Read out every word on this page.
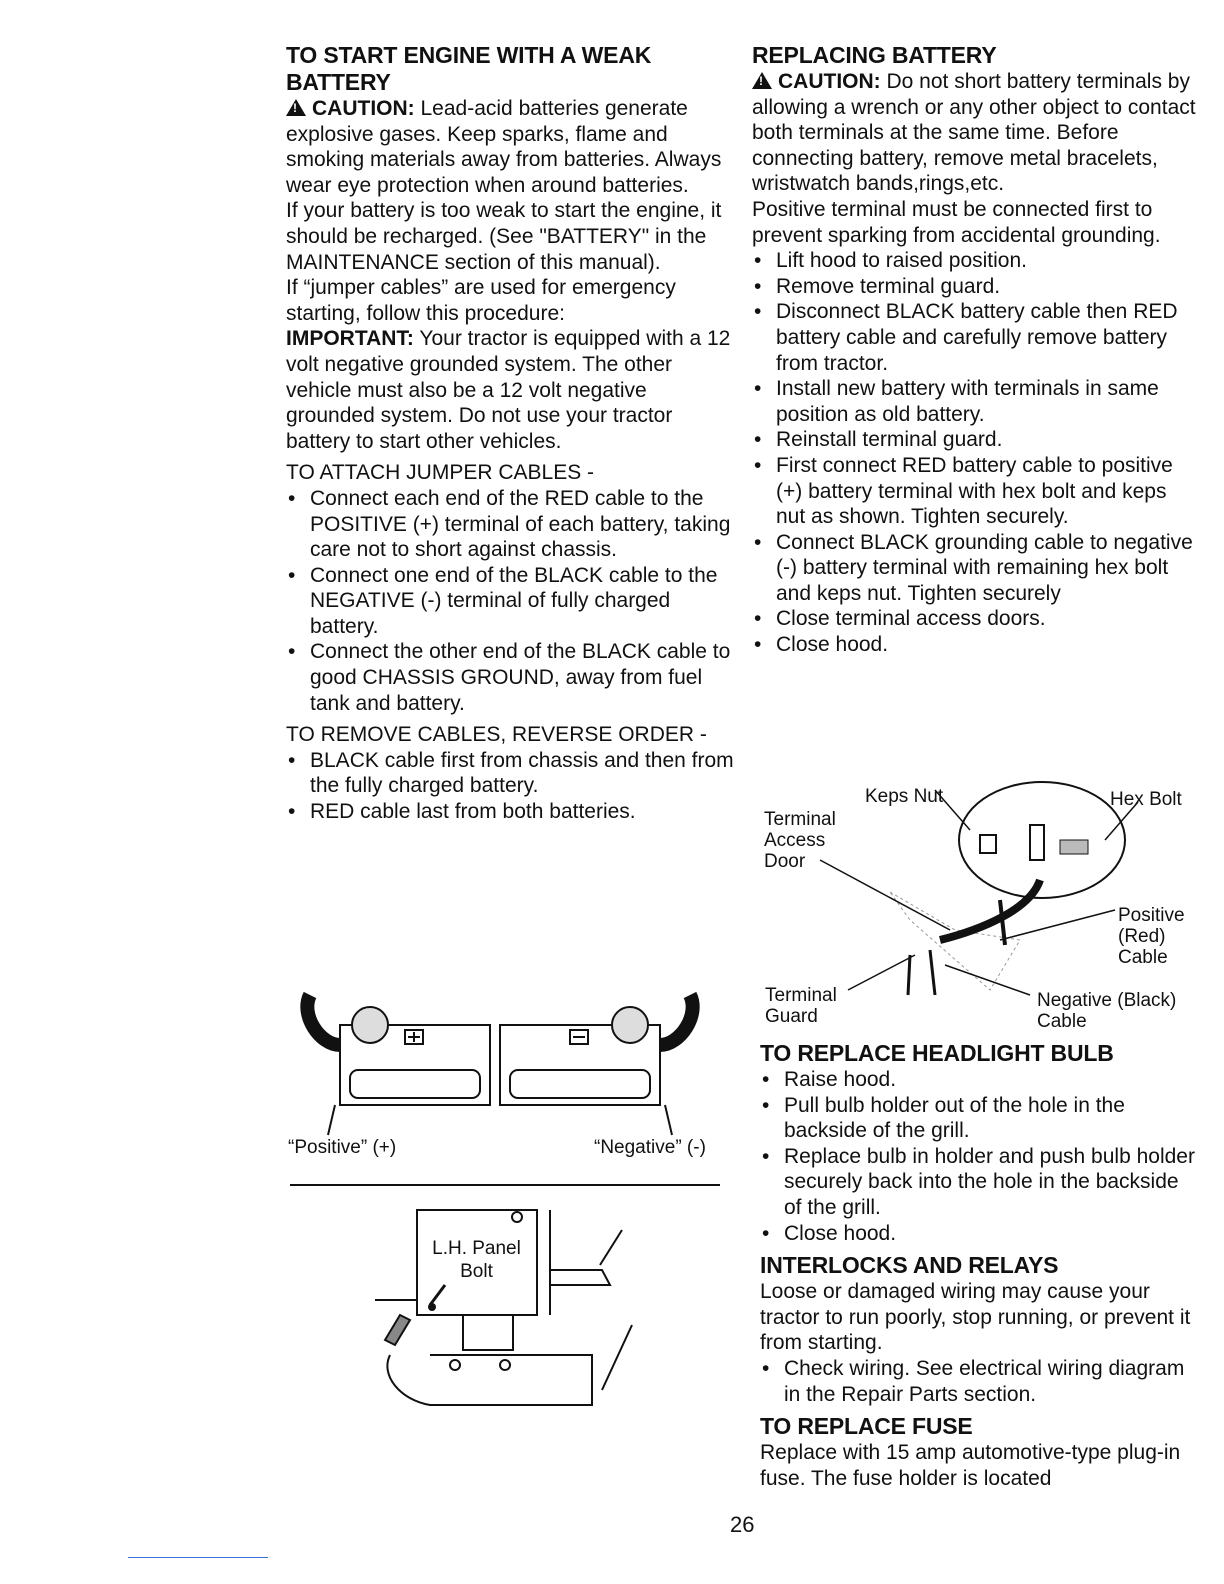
TO START ENGINE WITH A WEAK BATTERY

!CAUTION: Lead-acid batteries generate explosive gases. Keep sparks, flame and smoking materials away from batteries. Always wear eye protection when around batteries.

If your battery is too weak to start the engine, it should be recharged. (See "BATTERY" in the MAINTENANCE section of this manual).

If “jumper cables” are used for emergency starting, follow this procedure:

IMPORTANT: Your tractor is equipped with a 12 volt negative grounded system. The other vehicle must also be a 12 volt negative grounded system. Do not use your tractor battery to start other vehicles.

TO ATTACH JUMPER CABLES -

• Connect each end of the RED cable to the POSITIVE (+) terminal of each battery, taking care not to short against chassis.
• Connect one end of the BLACK cable to the NEGATIVE (-) terminal of fully charged battery.
• Connect the other end of the BLACK cable to good CHASSIS GROUND, away from fuel tank and battery.

TO REMOVE CABLES, REVERSE ORDER -

• BLACK cable first from chassis and then from the fully charged battery.
• RED cable last from both batteries.
“Positive” (+)	“Negative” (-)
L.H. Panel
Bolt
REPLACING BATTERY

!CAUTION: Do not short battery terminals by allowing a wrench or any other object to contact both terminals at the same time. Before connecting battery, remove metal bracelets, wristwatch bands,rings,etc.

Positive terminal must be connected first to prevent sparking from accidental grounding.

• Lift hood to raised position.
• Remove terminal guard.
• Disconnect BLACK battery cable then RED battery cable and carefully remove battery from tractor.
• Install new battery with terminals in same position as old battery.
• Reinstall terminal guard.
• First connect RED battery cable to positive (+) battery terminal with hex bolt and keps nut as shown. Tighten securely.
• Connect BLACK grounding cable to negative (-) battery terminal with remaining hex bolt and keps nut. Tighten securely
• Close terminal access doors.
• Close hood.
Keps Nut	Hex Bolt
Terminal
Access
Door
Positive
(Red)
Cable
Terminal
Guard
Negative (Black)
Cable
TO REPLACE HEADLIGHT BULB
• Raise hood.
• Pull bulb holder out of the hole in the backside of the grill.
• Replace bulb in holder and push bulb holder securely back into the hole in the backside of the grill.
• Close hood.
INTERLOCKS AND RELAYS

Loose or damaged wiring may cause your tractor to run poorly, stop running, or prevent it from starting.

• Check wiring. See electrical wiring diagram in the Repair Parts section.
TO REPLACE FUSE

Replace with 15 amp automotive-type plug-in fuse. The fuse holder is located

26
